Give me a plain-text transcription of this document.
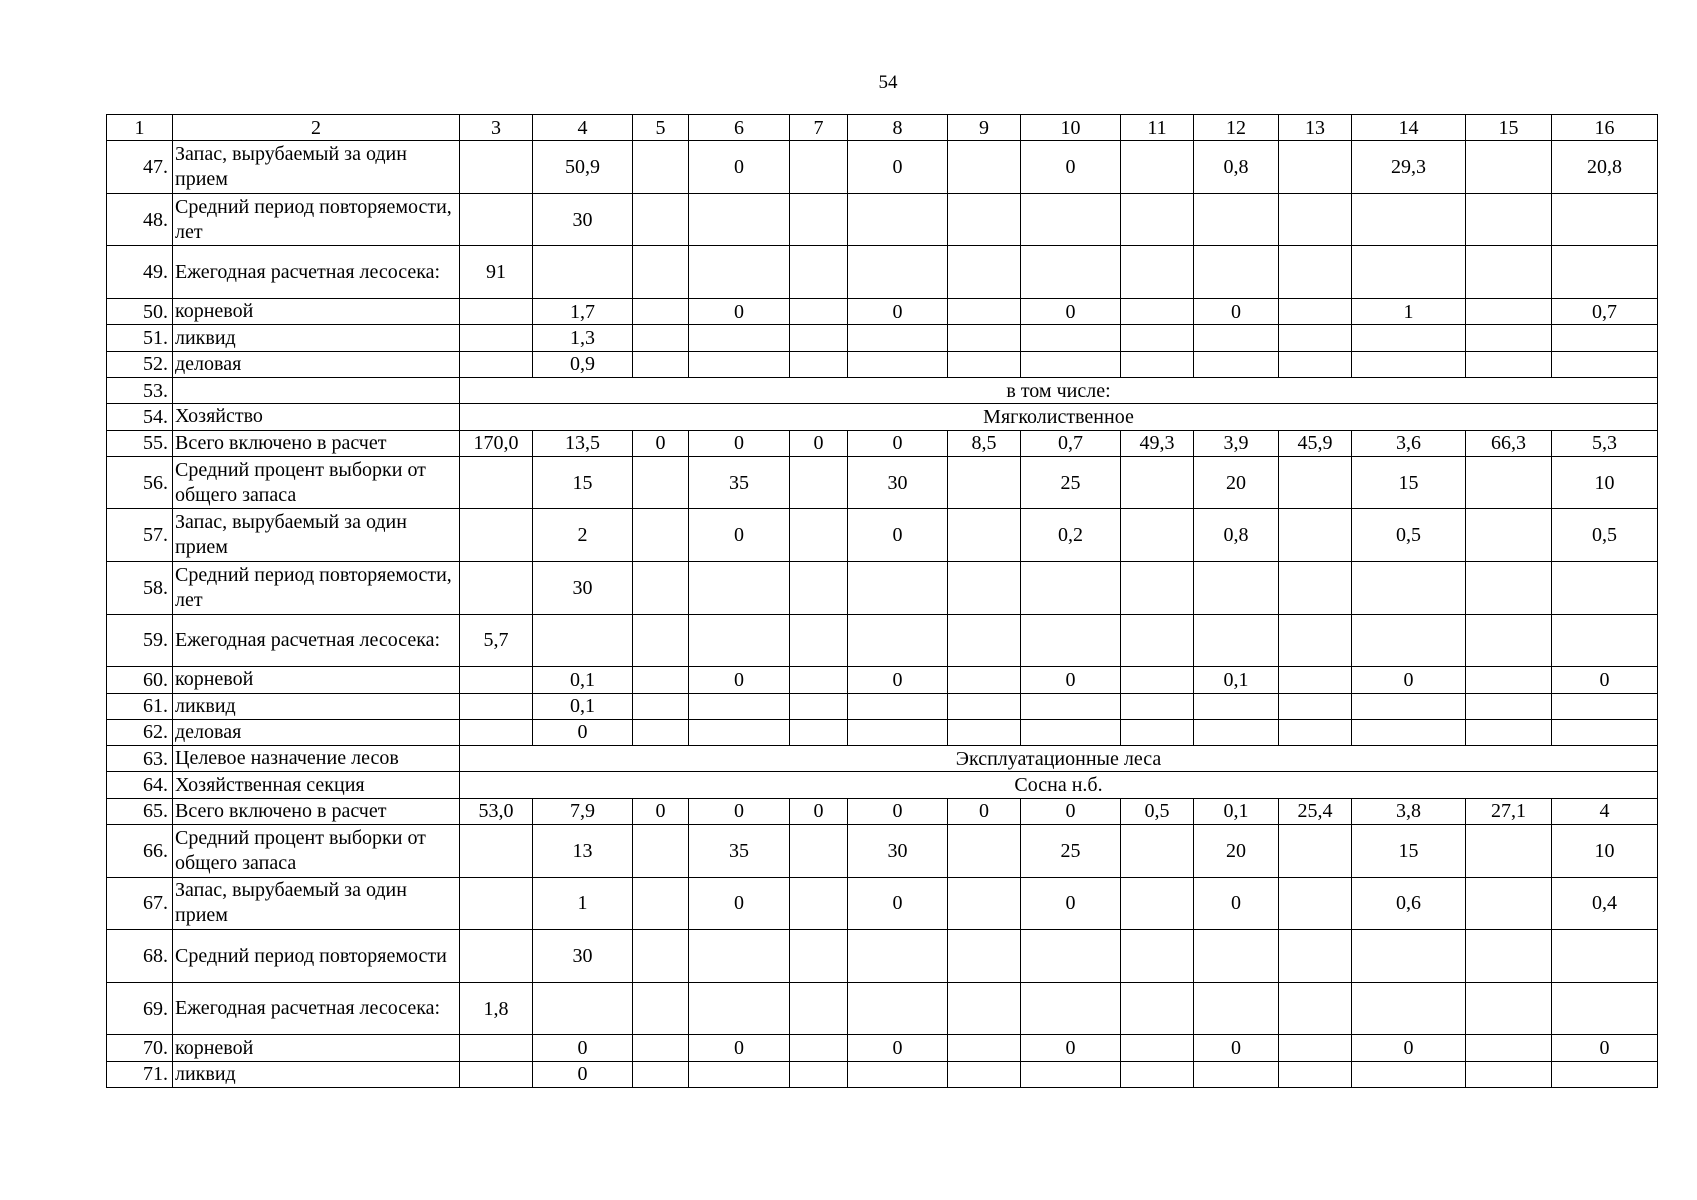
54
1	2	3	4	5	6	7	8	9	10	11	12	13	14	15	16
47.	Запас, вырубаемый за один прием		50,9		0		0		0		0,8		29,3		20,8
48.	Средний период повторяемости, лет		30												
49.	Ежегодная расчетная лесосека:	91													
50.	корневой		1,7		0		0		0		0		1		0,7
51.	ликвид		1,3												
52.	деловая		0,9												
53.		в том числе:													
54.	Хозяйство	Мягколиственное													
55.	Всего включено в расчет	170,0	13,5	0	0	0	0	8,5	0,7	49,3	3,9	45,9	3,6	66,3	5,3
56.	Средний процент выборки от общего запаса		15		35		30		25		20		15		10
57.	Запас, вырубаемый за один прием		2		0		0		0,2		0,8		0,5		0,5
58.	Средний период повторяемости, лет		30												
59.	Ежегодная расчетная лесосека:	5,7													
60.	корневой		0,1		0		0		0		0,1		0		0
61.	ликвид		0,1												
62.	деловая		0												
63.	Целевое назначение лесов	Эксплуатационные леса													
64.	Хозяйственная секция	Сосна н.б.													
65.	Всего включено в расчет	53,0	7,9	0	0	0	0	0	0	0,5	0,1	25,4	3,8	27,1	4
66.	Средний процент выборки от общего запаса		13		35		30		25		20		15		10
67.	Запас, вырубаемый за один прием		1		0		0		0		0		0,6		0,4
68.	Средний период повторяемости		30												
69.	Ежегодная расчетная лесосека:	1,8													
70.	корневой		0		0		0		0		0		0		0
71.	ликвид		0												
